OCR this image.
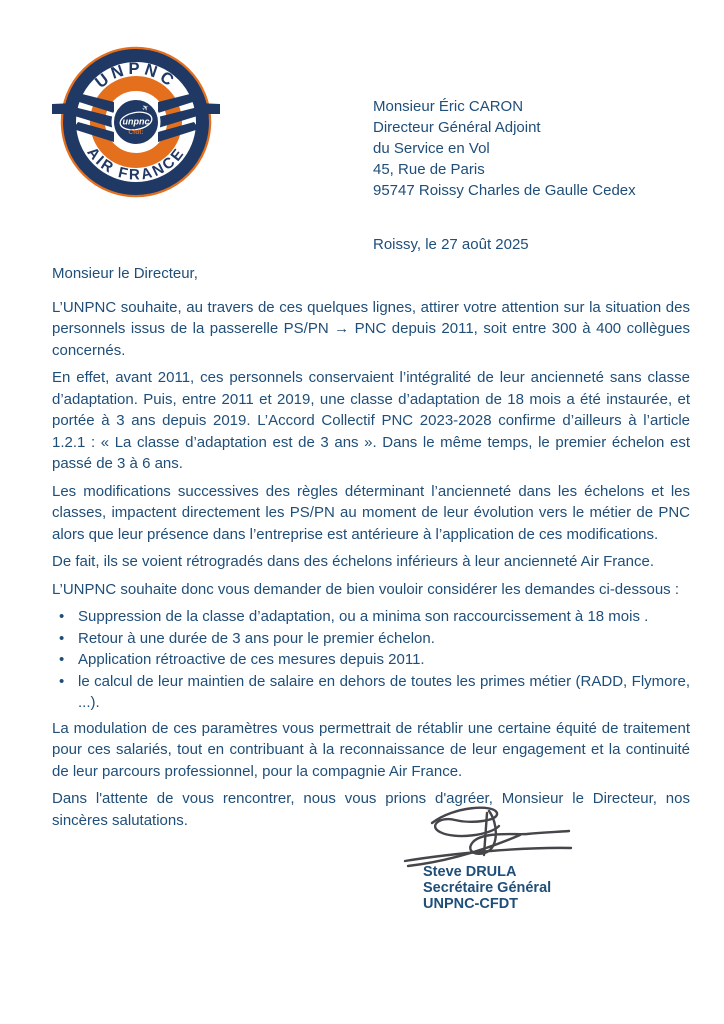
UNPNC
AIR FRANCE
✈
unpnc
Cfdt:
Monsieur Éric CARON
Directeur Général Adjoint
du Service en Vol
45, Rue de Paris
95747 Roissy Charles de Gaulle Cedex
Roissy, le 27 août 2025

Monsieur le Directeur,

L’UNPNC souhaite, au travers de ces quelques lignes, attirer votre attention sur la situation des personnels issus de la passerelle PS/PN → PNC depuis 2011, soit entre 300 à 400 collègues concernés.

En effet, avant 2011, ces personnels conservaient l’intégralité de leur ancienneté sans classe d’adaptation. Puis, entre 2011 et 2019, une classe d’adaptation de 18 mois a été instaurée, et portée à 3 ans depuis 2019. L’Accord Collectif PNC 2023-2028 confirme d’ailleurs à l’article 1.2.1 : « La classe d’adaptation est de 3 ans ». Dans le même temps, le premier échelon est passé de 3 à 6 ans.

Les modifications successives des règles déterminant l’ancienneté dans les échelons et les classes, impactent directement les PS/PN au moment de leur évolution vers le métier de PNC alors que leur présence dans l’entreprise est antérieure à l’application de ces modifications.

De fait, ils se voient rétrogradés dans des échelons inférieurs à leur ancienneté Air France.

L’UNPNC souhaite donc vous demander de bien vouloir considérer les demandes ci-dessous :

• Suppression de la classe d’adaptation, ou a minima son raccourcissement à 18 mois .
• Retour à une durée de 3 ans pour le premier échelon.
• Application rétroactive de ces mesures depuis 2011.
• le calcul de leur maintien de salaire en dehors de toutes les primes métier (RADD, Flymore, ...).

La modulation de ces paramètres vous permettrait de rétablir une certaine équité de traitement pour ces salariés, tout en contribuant à la reconnaissance de leur engagement et la continuité de leur parcours professionnel, pour la compagnie Air France.

Dans l'attente de vous rencontrer, nous vous prions d'agréer, Monsieur le Directeur, nos sincères salutations.

Steve DRULA
Secrétaire Général
UNPNC-CFDT
